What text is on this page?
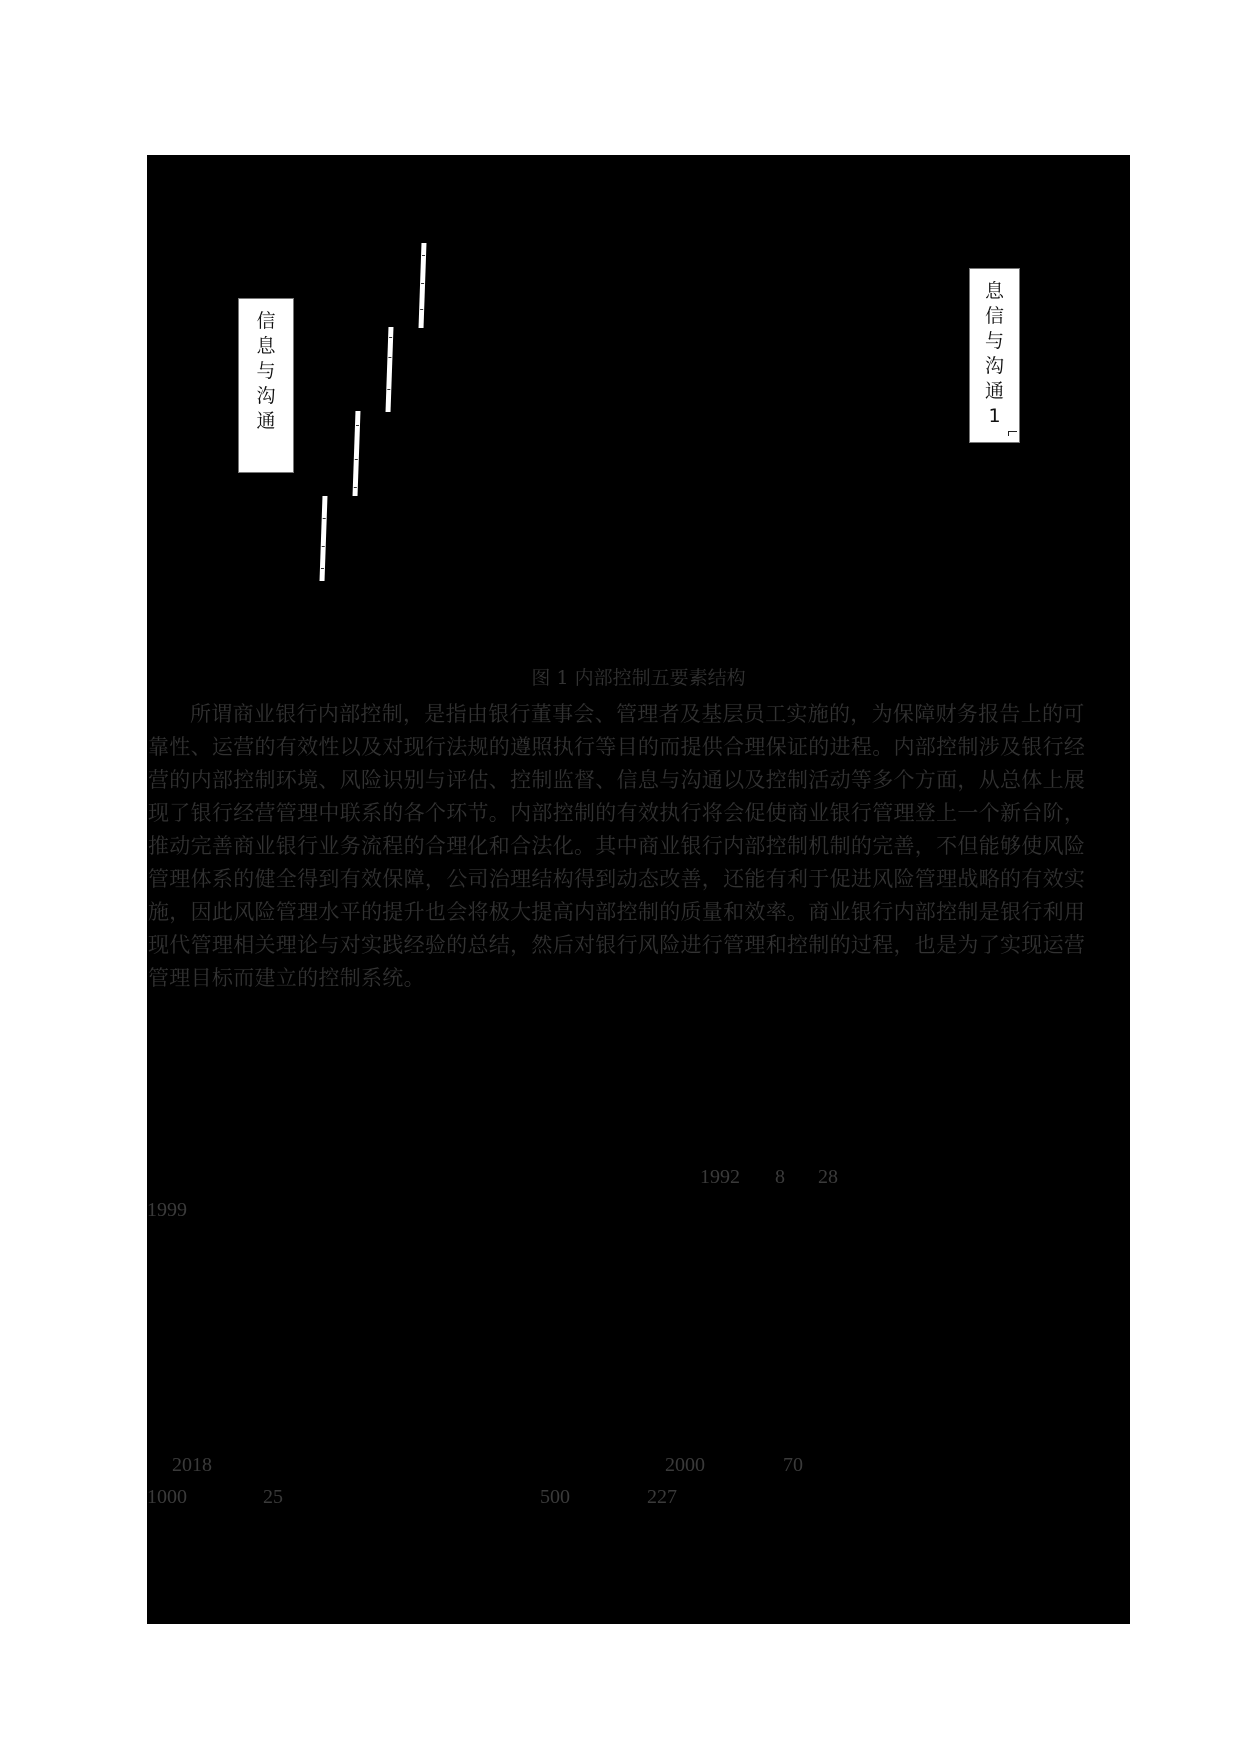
信
息
与
沟
通
息
信
与
沟
通
1
图 1 内部控制五要素结构
所谓商业银行内部控制，是指由银行董事会、管理者及基层员工实施的，为保障财务报告上的可
靠性、运营的有效性以及对现行法规的遵照执行等目的而提供合理保证的进程。内部控制涉及银行经
营的内部控制环境、风险识别与评估、控制监督、信息与沟通以及控制活动等多个方面，从总体上展
现了银行经营管理中联系的各个环节。内部控制的有效执行将会促使商业银行管理登上一个新台阶，
推动完善商业银行业务流程的合理化和合法化。其中商业银行内部控制机制的完善，不但能够使风险
管理体系的健全得到有效保障，公司治理结构得到动态改善，还能有利于促进风险管理战略的有效实
施，因此风险管理水平的提升也会将极大提高内部控制的质量和效率。商业银行内部控制是银行利用
现代管理相关理论与对实践经验的总结，然后对银行风险进行管理和控制的过程，也是为了实现运营
管理目标而建立的控制系统。
1992 8 28
1999
2018	2000	70
1000	25	500	227
